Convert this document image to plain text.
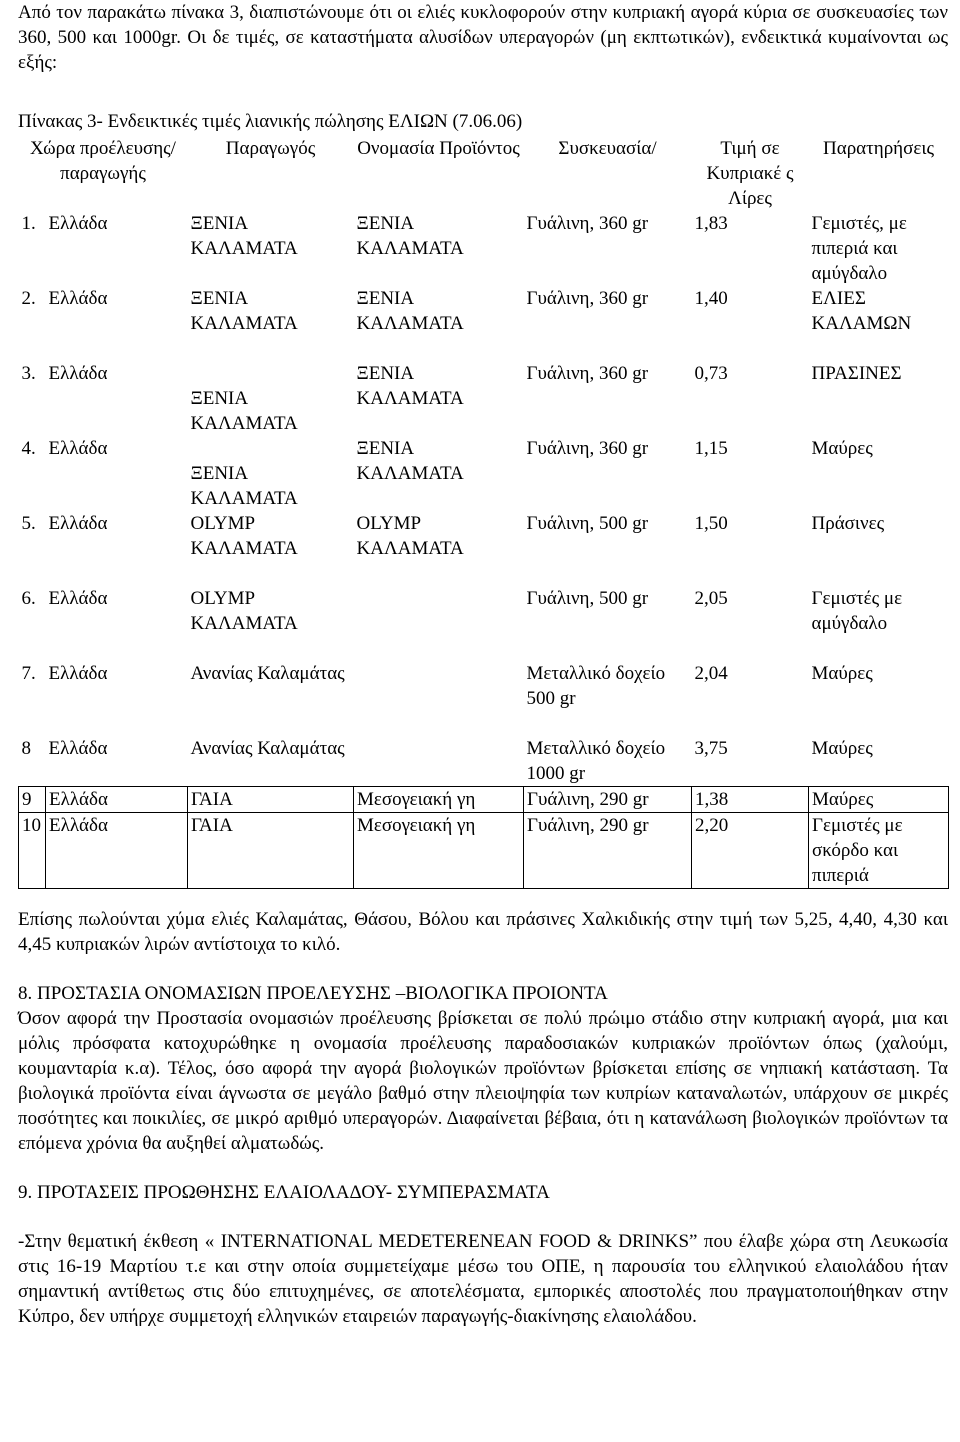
Από τον παρακάτω πίνακα 3, διαπιστώνουμε ότι οι ελιές κυκλοφορούν στην κυπριακή αγορά κύρια σε συσκευασίες των 360, 500 και 1000gr. Οι δε τιμές, σε καταστήματα αλυσίδων υπεραγορών (μη εκπτωτικών), ενδεικτικά κυμαίνονται ως εξής:

Πίνακας 3- Ενδεικτικές τιμές λιανικής πώλησης ΕΛΙΩΝ (7.06.06)
Χώρα προέλευσης/ παραγωγής		Παραγωγός	Ονομασία Προϊόντος	Συσκευασία/	Τιμή σε Κυπριακέ ς Λίρες	Παρατηρήσεις
1.	Ελλάδα	ΞΕΝΙΑ ΚΑΛΑΜΑΤΑ	ΞΕΝΙΑ ΚΑΛΑΜΑΤΑ	Γυάλινη, 360 gr	1,83	Γεμιστές, με πιπεριά και αμύγδαλο
2.	Ελλάδα	ΞΕΝΙΑ ΚΑΛΑΜΑΤΑ	ΞΕΝΙΑ ΚΑΛΑΜΑΤΑ	Γυάλινη, 360 gr	1,40	ΕΛΙΕΣ ΚΑΛΑΜΩΝ

3.	Ελλάδα	ΞΕΝΙΑ ΚΑΛΑΜΑΤΑ	ΞΕΝΙΑ ΚΑΛΑΜΑΤΑ	Γυάλινη, 360 gr	0,73	ΠΡΑΣΙΝΕΣ
4.	Ελλάδα	ΞΕΝΙΑ ΚΑΛΑΜΑΤΑ	ΞΕΝΙΑ ΚΑΛΑΜΑΤΑ	Γυάλινη, 360 gr	1,15	Μαύρες
5.	Ελλάδα	OLYMP ΚΑΛΑΜΑΤΑ	OLYMP ΚΑΛΑΜΑΤΑ	Γυάλινη, 500 gr	1,50	Πράσινες

6.	Ελλάδα	OLYMP ΚΑΛΑΜΑΤΑ		Γυάλινη, 500 gr	2,05	Γεμιστές με αμύγδαλο

7.	Ελλάδα	Ανανίας Καλαμάτας		Μεταλλικό δοχείο 500 gr	2,04	Μαύρες

8	Ελλάδα	Ανανίας Καλαμάτας		Μεταλλικό δοχείο 1000 gr	3,75	Μαύρες
9	Ελλάδα	ΓΑΙΑ	Μεσογειακή γη	Γυάλινη, 290 gr	1,38	Μαύρες
10	Ελλάδα	ΓΑΙΑ	Μεσογειακή γη	Γυάλινη, 290 gr	2,20	Γεμιστές με σκόρδο και πιπεριά

Επίσης πωλούνται χύμα ελιές Καλαμάτας, Θάσου, Βόλου και πράσινες Χαλκιδικής στην τιμή των 5,25, 4,40, 4,30 και 4,45 κυπριακών λιρών αντίστοιχα το κιλό.

8. ΠΡΟΣΤΑΣΙΑ ΟΝΟΜΑΣΙΩΝ ΠΡΟΕΛΕΥΣΗΣ –ΒΙΟΛΟΓΙΚΑ ΠΡΟΙΟΝΤΑ

Όσον αφορά την Προστασία ονομασιών προέλευσης βρίσκεται σε πολύ πρώιμο στάδιο στην κυπριακή αγορά, μια και μόλις πρόσφατα κατοχυρώθηκε η ονομασία προέλευσης παραδοσιακών κυπριακών προϊόντων όπως (χαλούμι, κουμανταρία κ.α). Τέλος, όσο αφορά την αγορά βιολογικών προϊόντων βρίσκεται επίσης σε νηπιακή κατάσταση. Τα βιολογικά προϊόντα είναι άγνωστα σε μεγάλο βαθμό στην πλειοψηφία των κυπρίων καταναλωτών, υπάρχουν σε μικρές ποσότητες και ποικιλίες, σε μικρό αριθμό υπεραγορών. Διαφαίνεται βέβαια, ότι η κατανάλωση βιολογικών προϊόντων τα επόμενα χρόνια θα αυξηθεί αλματωδώς.

9. ΠΡΟΤΑΣΕΙΣ ΠΡΟΩΘΗΣΗΣ ΕΛΑΙΟΛΑΔΟΥ- ΣΥΜΠΕΡΑΣΜΑΤΑ

-Στην θεματική έκθεση « INTERNATIONAL MEDETERENEAN FOOD & DRINKS” που έλαβε χώρα στη Λευκωσία στις 16-19 Μαρτίου τ.ε και στην οποία συμμετείχαμε μέσω του ΟΠΕ, η παρουσία του ελληνικού ελαιολάδου ήταν σημαντική αντίθετως στις δύο επιτυχημένες, σε αποτελέσματα, εμπορικές αποστολές που πραγματοποιήθηκαν στην Κύπρο, δεν υπήρχε συμμετοχή ελληνικών εταιρειών παραγωγής-διακίνησης ελαιολάδου.
